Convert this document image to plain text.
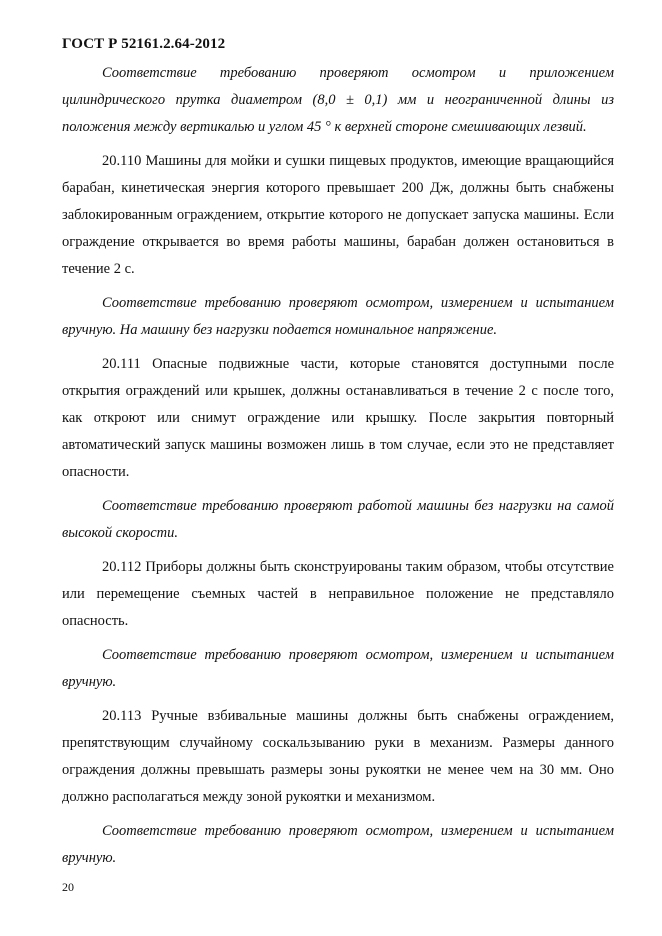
ГОСТ Р 52161.2.64-2012

Соответствие требованию проверяют осмотром и приложением цилиндрического прутка диаметром (8,0 ± 0,1) мм и неограниченной длины из положения между вертикалью и углом 45 ° к верхней стороне смешивающих лезвий.

20.110 Машины для мойки и сушки пищевых продуктов, имеющие вращающийся барабан, кинетическая энергия которого превышает 200 Дж, должны быть снабжены заблокированным ограждением, открытие которого не допускает запуска машины. Если ограждение открывается во время работы машины, барабан должен остановиться в течение 2 с.

Соответствие требованию проверяют осмотром, измерением и испытанием вручную. На машину без нагрузки подается номинальное напряжение.

20.111 Опасные подвижные части, которые становятся доступными после открытия ограждений или крышек, должны останавливаться в течение 2 с после того, как откроют или снимут ограждение или крышку. После закрытия повторный автоматический запуск машины возможен лишь в том случае, если это не представляет опасности.

Соответствие требованию проверяют работой машины без нагрузки на самой высокой скорости.

20.112 Приборы должны быть сконструированы таким образом, чтобы отсутствие или перемещение съемных частей в неправильное положение не представляло опасность.

Соответствие требованию проверяют осмотром, измерением и испытанием вручную.

20.113 Ручные взбивальные машины должны быть снабжены ограждением, препятствующим случайному соскальзыванию руки в механизм. Размеры данного ограждения должны превышать размеры зоны рукоятки не менее чем на 30 мм. Оно должно располагаться между зоной рукоятки и механизмом.

Соответствие требованию проверяют осмотром, измерением и испытанием вручную.

20
